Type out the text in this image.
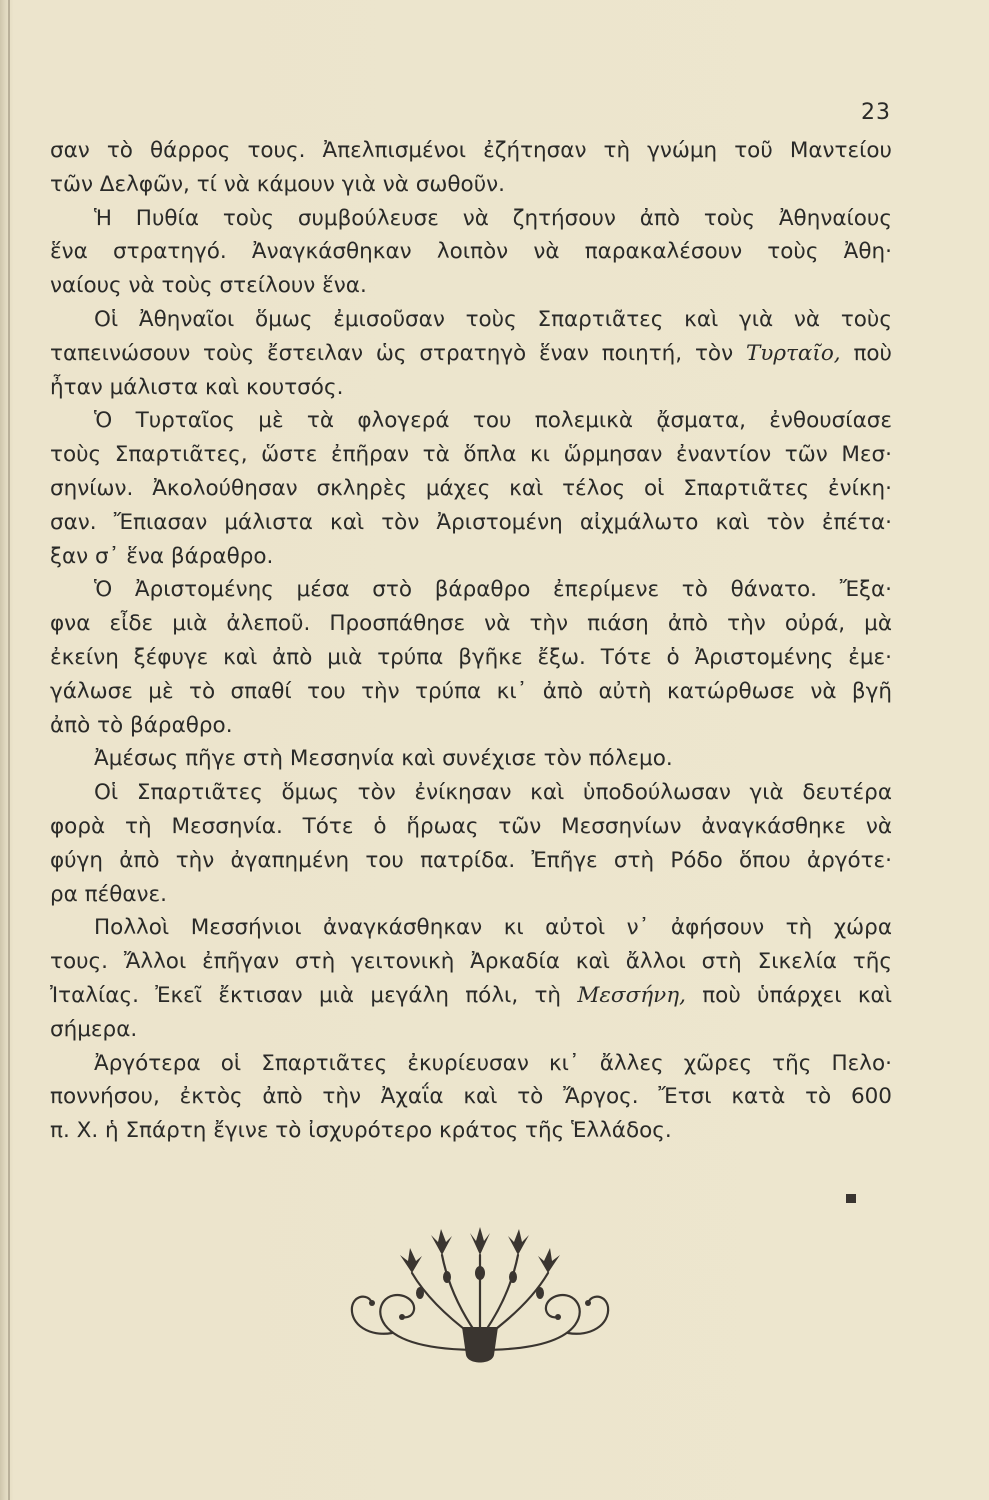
23
σαν τὸ θάρρος τους. Ἀπελπισμένοι ἐζήτησαν τὴ γνώμη τοῦ Μαντείου
τῶν Δελφῶν, τί νὰ κάμουν γιὰ νὰ σωθοῦν.
Ἡ Πυθία τοὺς συμβούλευσε νὰ ζητήσουν ἀπὸ τοὺς Ἀθηναίους
ἕνα στρατηγό. Ἀναγκάσθηκαν λοιπὸν νὰ παρακαλέσουν τοὺς Ἀθη·
ναίους νὰ τοὺς στείλουν ἕνα.
Οἱ Ἀθηναῖοι ὅμως ἐμισοῦσαν τοὺς Σπαρτιᾶτες καὶ γιὰ νὰ τοὺς
ταπεινώσουν τοὺς ἔστειλαν ὡς στρατηγὸ ἕναν ποιητή, τὸν Τυρταῖο, ποὺ
ἦταν μάλιστα καὶ κουτσός.
Ὁ Τυρταῖος μὲ τὰ φλογερά του πολεμικὰ ᾄσματα, ἐνθουσίασε
τοὺς Σπαρτιᾶτες, ὥστε ἐπῆραν τὰ ὅπλα κι ὥρμησαν ἐναντίον τῶν Μεσ·
σηνίων. Ἀκολούθησαν σκληρὲς μάχες καὶ τέλος οἱ Σπαρτιᾶτες ἐνίκη·
σαν. Ἔπιασαν μάλιστα καὶ τὸν Ἀριστομένη αἰχμάλωτο καὶ τὸν ἐπέτα·
ξαν σ᾽ ἕνα βάραθρο.
Ὁ Ἀριστομένης μέσα στὸ βάραθρο ἐπερίμενε τὸ θάνατο. Ἔξα·
φνα εἶδε μιὰ ἀλεποῦ. Προσπάθησε νὰ τὴν πιάση ἀπὸ τὴν οὐρά, μὰ
ἐκείνη ξέφυγε καὶ ἀπὸ μιὰ τρύπα βγῆκε ἔξω. Τότε ὁ Ἀριστομένης ἐμε·
γάλωσε μὲ τὸ σπαθί του τὴν τρύπα κι᾽ ἀπὸ αὐτὴ κατώρθωσε νὰ βγῆ
ἀπὸ τὸ βάραθρο.
Ἀμέσως πῆγε στὴ Μεσσηνία καὶ συνέχισε τὸν πόλεμο.
Οἱ Σπαρτιᾶτες ὅμως τὸν ἐνίκησαν καὶ ὑποδούλωσαν γιὰ δευτέρα
φορὰ τὴ Μεσσηνία. Τότε ὁ ἥρωας τῶν Μεσσηνίων ἀναγκάσθηκε νὰ
φύγη ἀπὸ τὴν ἀγαπημένη του πατρίδα. Ἐπῆγε στὴ Ρόδο ὅπου ἀργότε·
ρα πέθανε.
Πολλοὶ Μεσσήνιοι ἀναγκάσθηκαν κι αὐτοὶ ν᾽ ἀφήσουν τὴ χώρα
τους. Ἄλλοι ἐπῆγαν στὴ γειτονικὴ Ἀρκαδία καὶ ἄλλοι στὴ Σικελία τῆς
Ἰταλίας. Ἐκεῖ ἔκτισαν μιὰ μεγάλη πόλι, τὴ Μεσσήνη, ποὺ ὑπάρχει καὶ
σήμερα.
Ἀργότερα οἱ Σπαρτιᾶτες ἐκυρίευσαν κι᾽ ἄλλες χῶρες τῆς Πελο·
ποννήσου, ἐκτὸς ἀπὸ τὴν Ἀχαΐα καὶ τὸ Ἄργος. Ἔτσι κατὰ τὸ 600
π. Χ. ἡ Σπάρτη ἔγινε τὸ ἰσχυρότερο κράτος τῆς Ἑλλάδος.
